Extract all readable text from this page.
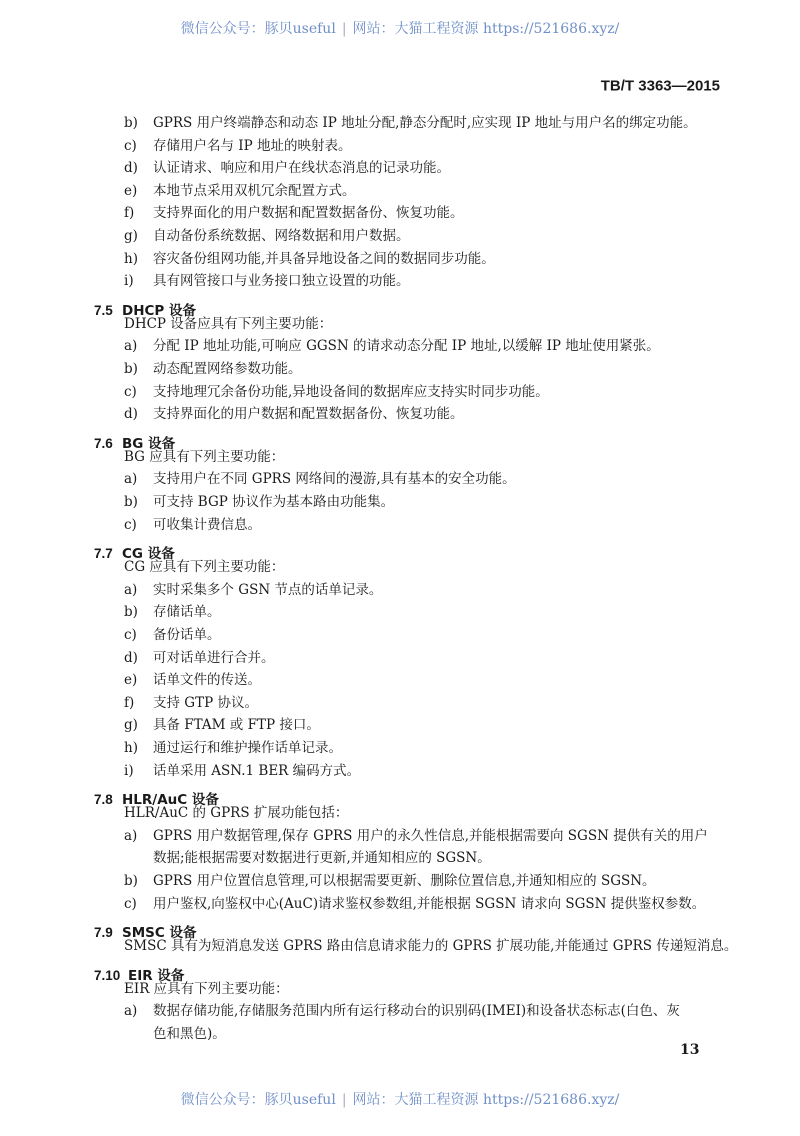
微信公众号：豚贝useful | 网站：大猫工程资源 https://521686.xyz/
TB/T 3363—2015
b) GPRS 用户终端静态和动态 IP 地址分配,静态分配时,应实现 IP 地址与用户名的绑定功能。
c) 存储用户名与 IP 地址的映射表。
d) 认证请求、响应和用户在线状态消息的记录功能。
e) 本地节点采用双机冗余配置方式。
f) 支持界面化的用户数据和配置数据备份、恢复功能。
g) 自动备份系统数据、网络数据和用户数据。
h) 容灾备份组网功能,并具备异地设备之间的数据同步功能。
i) 具有网管接口与业务接口独立设置的功能。
7.5 DHCP 设备
DHCP 设备应具有下列主要功能：
a) 分配 IP 地址功能,可响应 GGSN 的请求动态分配 IP 地址,以缓解 IP 地址使用紧张。
b) 动态配置网络参数功能。
c) 支持地理冗余备份功能,异地设备间的数据库应支持实时同步功能。
d) 支持界面化的用户数据和配置数据备份、恢复功能。
7.6 BG 设备
BG 应具有下列主要功能：
a) 支持用户在不同 GPRS 网络间的漫游,具有基本的安全功能。
b) 可支持 BGP 协议作为基本路由功能集。
c) 可收集计费信息。
7.7 CG 设备
CG 应具有下列主要功能：
a) 实时采集多个 GSN 节点的话单记录。
b) 存储话单。
c) 备份话单。
d) 可对话单进行合并。
e) 话单文件的传送。
f) 支持 GTP 协议。
g) 具备 FTAM 或 FTP 接口。
h) 通过运行和维护操作话单记录。
i) 话单采用 ASN.1 BER 编码方式。
7.8 HLR/AuC 设备
HLR/AuC 的 GPRS 扩展功能包括：
a) GPRS 用户数据管理,保存 GPRS 用户的永久性信息,并能根据需要向 SGSN 提供有关的用户
数据;能根据需要对数据进行更新,并通知相应的 SGSN。
b) GPRS 用户位置信息管理,可以根据需要更新、删除位置信息,并通知相应的 SGSN。
c) 用户鉴权,向鉴权中心(AuC)请求鉴权参数组,并能根据 SGSN 请求向 SGSN 提供鉴权参数。
7.9 SMSC 设备
SMSC 具有为短消息发送 GPRS 路由信息请求能力的 GPRS 扩展功能,并能通过 GPRS 传递短消息。
7.10 EIR 设备
EIR 应具有下列主要功能：
a) 数据存储功能,存储服务范围内所有运行移动台的识别码(IMEI)和设备状态标志(白色、灰
色和黑色)。
13
微信公众号：豚贝useful | 网站：大猫工程资源 https://521686.xyz/
